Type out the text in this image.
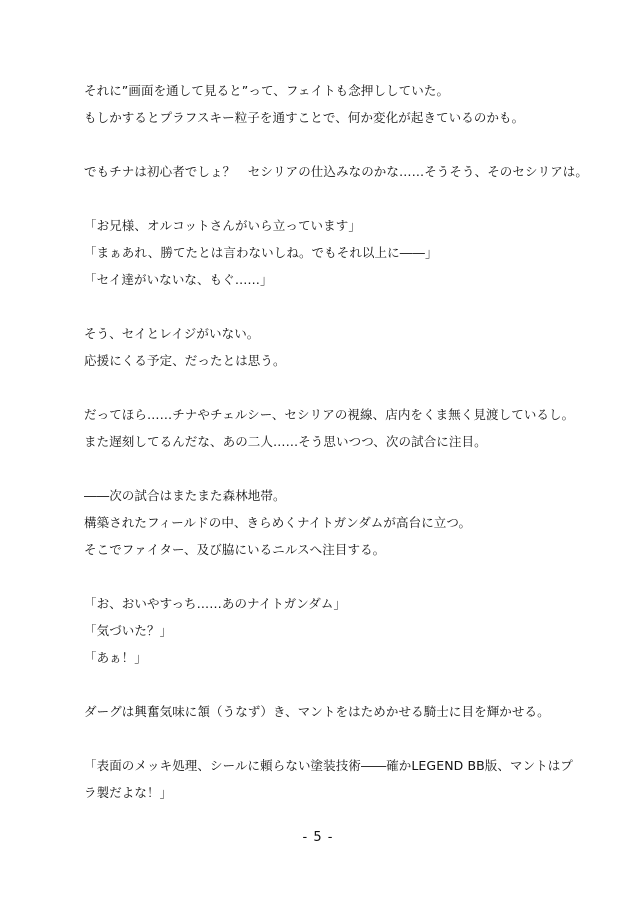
それに”画面を通して見ると”って、フェイトも念押ししていた。
もしかするとプラフスキー粒子を通すことで、何か変化が起きているのかも。
でもチナは初心者でしょ？　セシリアの仕込みなのかな……そうそう、そのセシリアは。
「お兄様、オルコットさんがいら立っています」
「まぁあれ、勝てたとは言わないしね。でもそれ以上に――」
「セイ達がいないな、もぐ……」
そう、セイとレイジがいない。
応援にくる予定、だったとは思う。
だってほら……チナやチェルシー、セシリアの視線、店内をくま無く見渡しているし。
また遅刻してるんだな、あの二人……そう思いつつ、次の試合に注目。
――次の試合はまたまた森林地帯。
構築されたフィールドの中、きらめくナイトガンダムが高台に立つ。
そこでファイター、及び脇にいるニルスへ注目する。
「お、おいやすっち……あのナイトガンダム」
「気づいた？」
「あぁ！」
ダーグは興奮気味に頷（うなず）き、マントをはためかせる騎士に目を輝かせる。
「表面のメッキ処理、シールに頼らない塗装技術――確かLEGEND BB版、マントはプ
ラ製だよな！」
- 5 -
